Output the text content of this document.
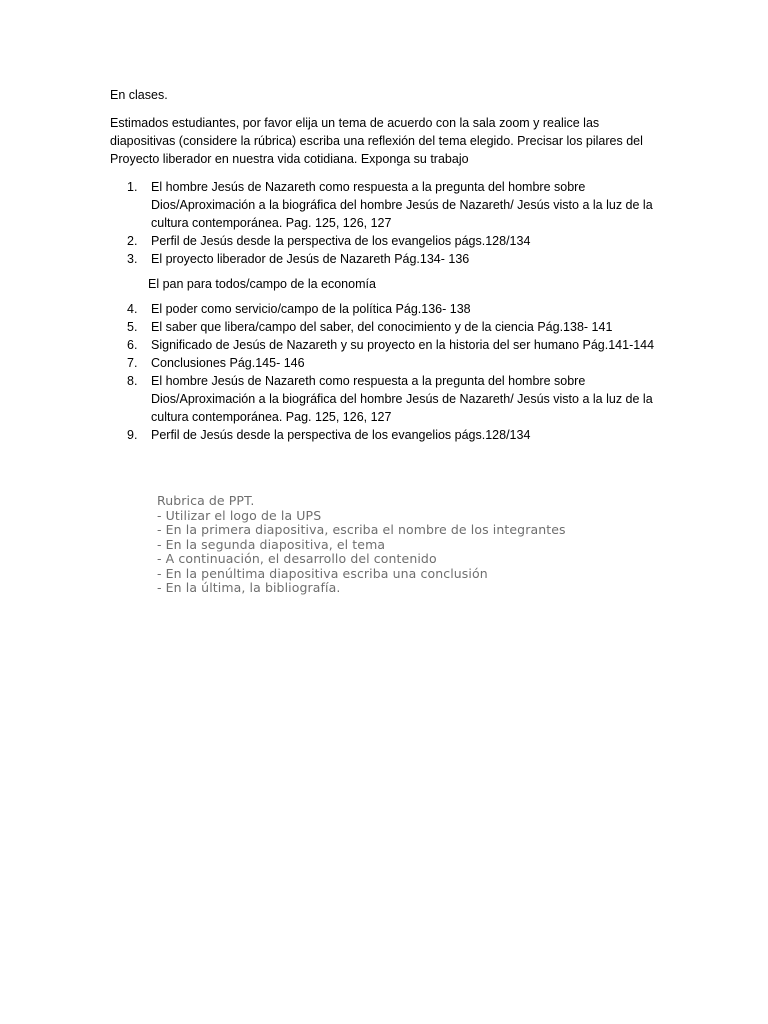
En clases.

Estimados estudiantes, por favor elija un tema de acuerdo con la sala zoom y realice las diapositivas (considere la rúbrica) escriba una reflexión del tema elegido. Precisar los pilares del Proyecto liberador en nuestra vida cotidiana. Exponga su trabajo

1. El hombre Jesús de Nazareth como respuesta a la pregunta del hombre sobre Dios/Aproximación a la biográfica del hombre Jesús de Nazareth/ Jesús visto a la luz de la cultura contemporánea. Pag. 125, 126, 127
2. Perfil de Jesús desde la perspectiva de los evangelios págs.128/134
3. El proyecto liberador de Jesús de Nazareth Pág.134- 136

El pan para todos/campo de la economía

4. El poder como servicio/campo de la política Pág.136- 138
5. El saber que libera/campo del saber, del conocimiento y de la ciencia Pág.138- 141
6. Significado de Jesús de Nazareth y su proyecto en la historia del ser humano Pág.141-144
7. Conclusiones Pág.145- 146
8. El hombre Jesús de Nazareth como respuesta a la pregunta del hombre sobre Dios/Aproximación a la biográfica del hombre Jesús de Nazareth/ Jesús visto a la luz de la cultura contemporánea. Pag. 125, 126, 127
9. Perfil de Jesús desde la perspectiva de los evangelios págs.128/134
Rubrica de PPT.
- Utilizar el logo de la UPS
- En la primera diapositiva, escriba el nombre de los integrantes
- En la segunda diapositiva, el tema
- A continuación, el desarrollo del contenido
- En la penúltima diapositiva escriba una conclusión
- En la última, la bibliografía.
